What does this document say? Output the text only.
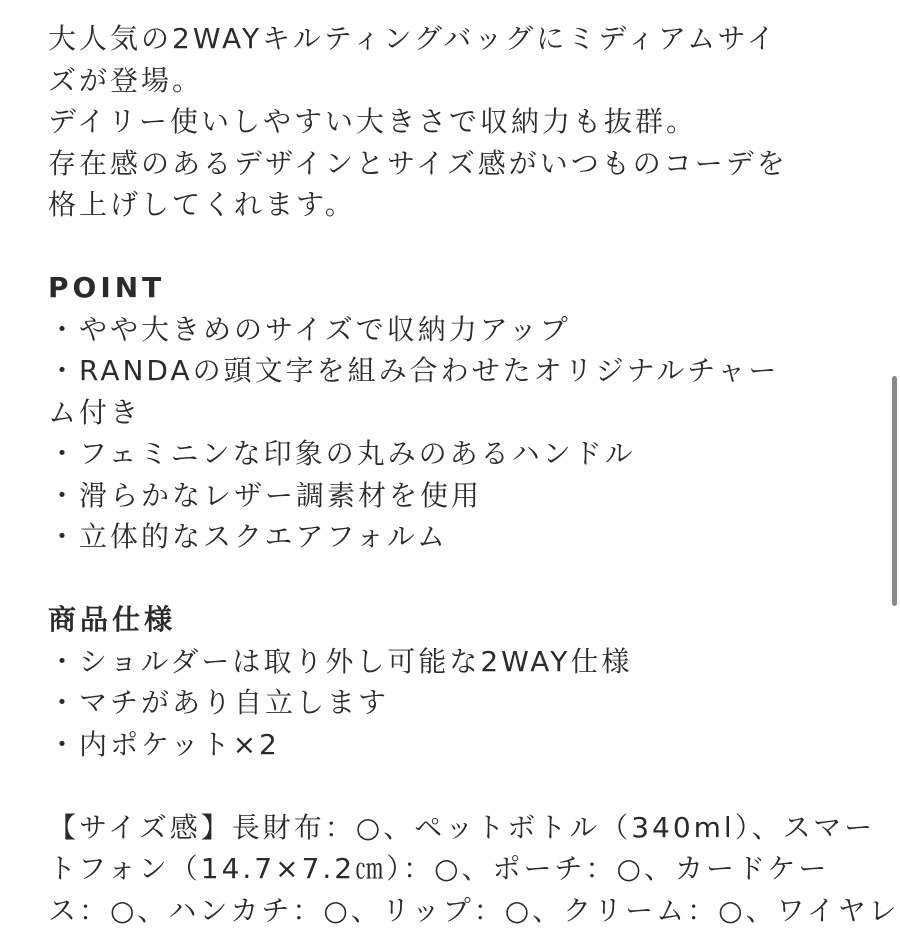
大人気の2WAYキルティングバッグにミディアムサイ
ズが登場。
デイリー使いしやすい大きさで収納力も抜群。
存在感のあるデザインとサイズ感がいつものコーデを
格上げしてくれます。
POINT
・やや大きめのサイズで収納力アップ
・RANDAの頭文字を組み合わせたオリジナルチャー
ム付き
・フェミニンな印象の丸みのあるハンドル
・滑らかなレザー調素材を使用
・立体的なスクエアフォルム
商品仕様
・ショルダーは取り外し可能な2WAY仕様
・マチがあり自立します
・内ポケット×2
【サイズ感】長財布：○、ペットボトル（340ml）、スマー
トフォン（14.7×7.2㎝）：○、ポーチ：○、カードケー
ス：○、ハンカチ：○、リップ：○、クリーム：○、ワイヤレ
